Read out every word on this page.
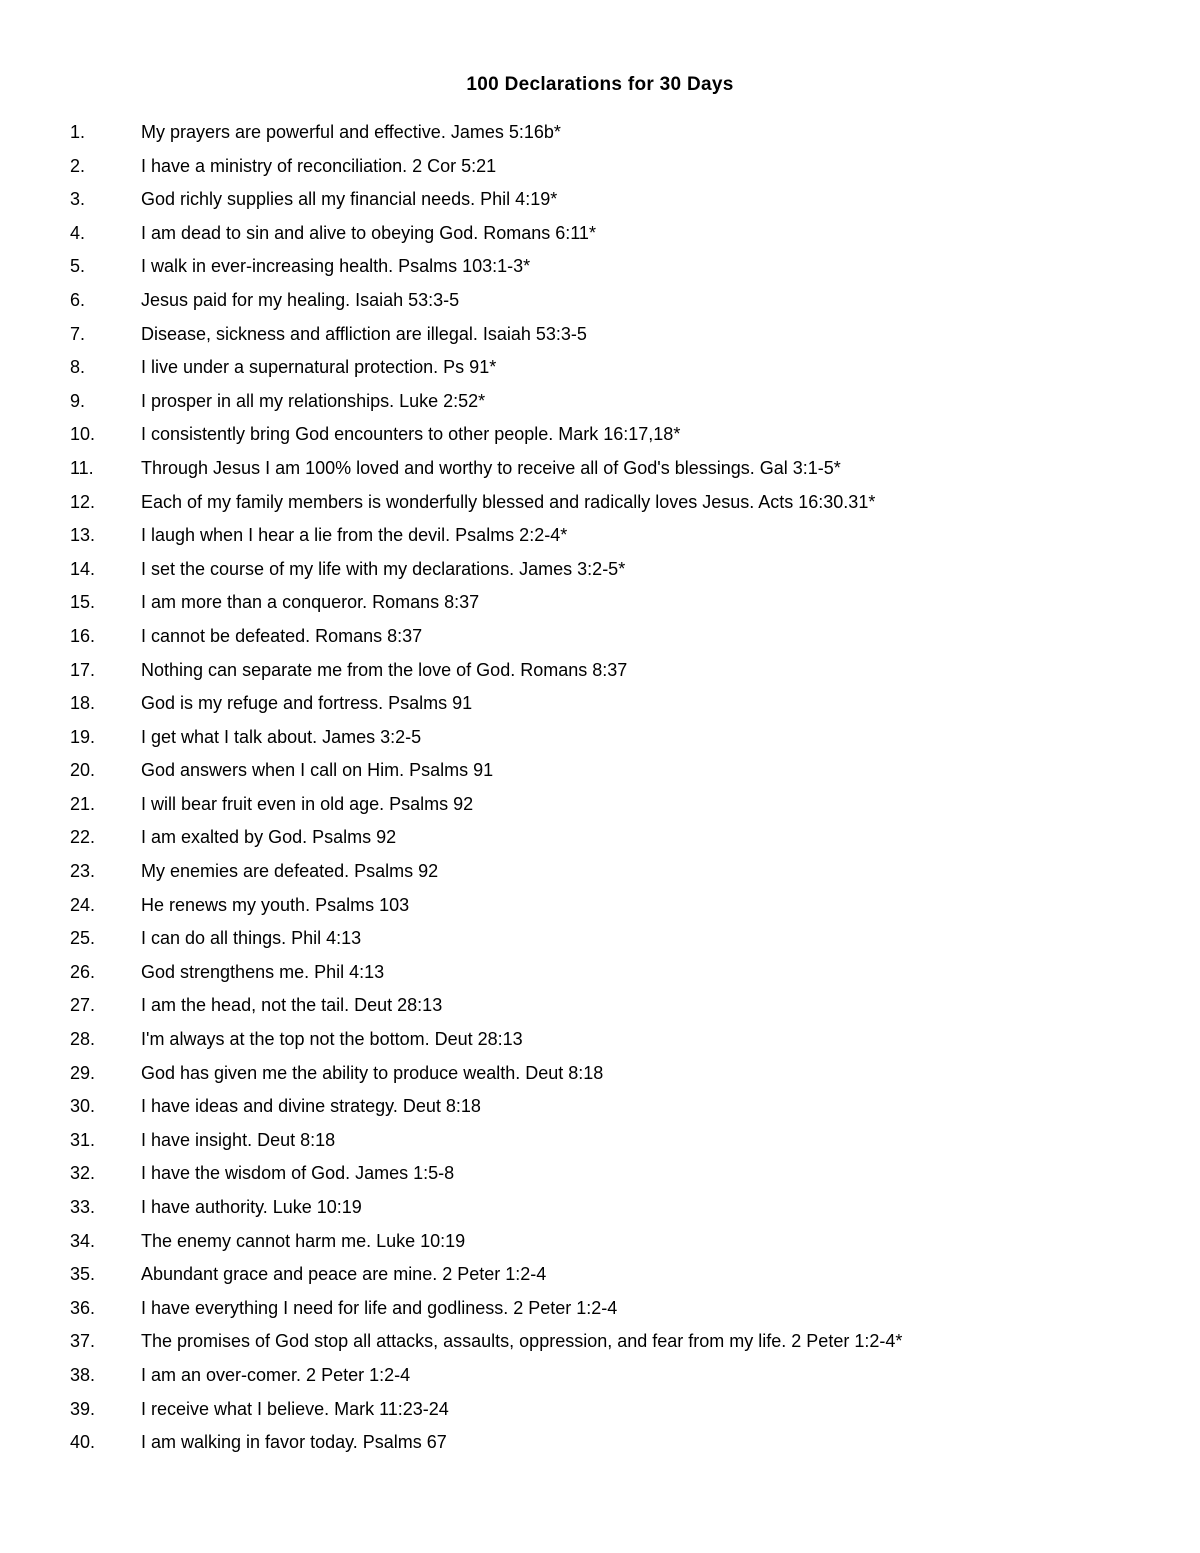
100 Declarations for 30 Days
1.	My prayers are powerful and effective. James 5:16b*
2.	I have a ministry of reconciliation. 2 Cor 5:21
3.	God richly supplies all my financial needs. Phil 4:19*
4.	I am dead to sin and alive to obeying God. Romans 6:11*
5.	I walk in ever-increasing health. Psalms 103:1-3*
6.	Jesus paid for my healing. Isaiah 53:3-5
7.	Disease, sickness and affliction are illegal. Isaiah 53:3-5
8.	I live under a supernatural protection. Ps 91*
9.	I prosper in all my relationships. Luke 2:52*
10.	I consistently bring God encounters to other people. Mark 16:17,18*
11.	Through Jesus I am 100% loved and worthy to receive all of God's blessings. Gal 3:1-5*
12.	Each of my family members is wonderfully blessed and radically loves Jesus. Acts 16:30.31*
13.	I laugh when I hear a lie from the devil. Psalms 2:2-4*
14.	I set the course of my life with my declarations. James 3:2-5*
15.	I am more than a conqueror. Romans 8:37
16.	I cannot be defeated. Romans 8:37
17.	Nothing can separate me from the love of God. Romans 8:37
18.	God is my refuge and fortress. Psalms 91
19.	I get what I talk about. James 3:2-5
20.	God answers when I call on Him. Psalms 91
21.	I will bear fruit even in old age. Psalms 92
22.	I am exalted by God. Psalms 92
23.	My enemies are defeated. Psalms 92
24.	He renews my youth. Psalms 103
25.	I can do all things. Phil 4:13
26.	God strengthens me. Phil 4:13
27.	I am the head, not the tail. Deut 28:13
28.	I'm always at the top not the bottom. Deut 28:13
29.	God has given me the ability to produce wealth. Deut 8:18
30.	I have ideas and divine strategy. Deut 8:18
31.	I have insight. Deut 8:18
32.	I have the wisdom of God. James 1:5-8
33.	I have authority. Luke 10:19
34.	The enemy cannot harm me. Luke 10:19
35.	Abundant grace and peace are mine. 2 Peter 1:2-4
36.	I have everything I need for life and godliness. 2 Peter 1:2-4
37.	The promises of God stop all attacks, assaults, oppression, and fear from my life. 2 Peter 1:2-4*
38.	I am an over-comer. 2 Peter 1:2-4
39.	I receive what I believe. Mark 11:23-24
40.	I am walking in favor today. Psalms 67
